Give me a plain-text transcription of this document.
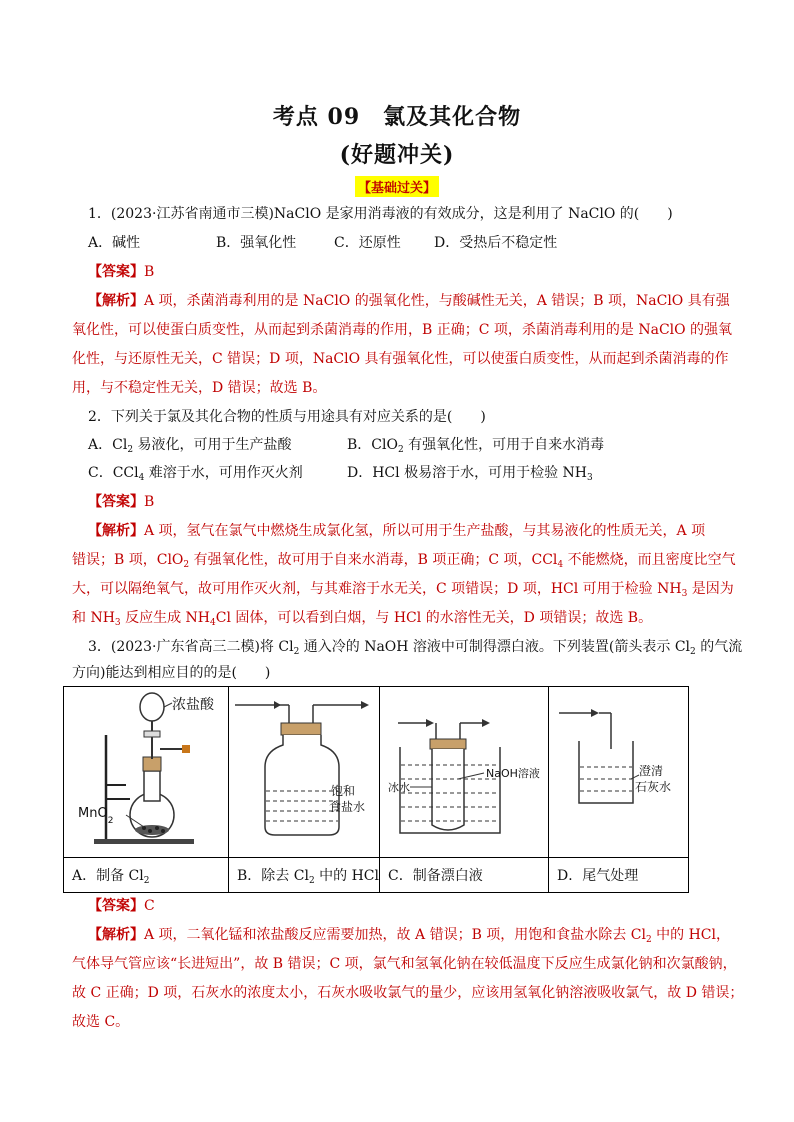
考点 09　氯及其化合物
(好题冲关)
【基础过关】
1．(2023·江苏省南通市三模)NaClO 是家用消毒液的有效成分，这是利用了 NaClO 的(　　)
A．碱性	B．强氧化性	C．还原性 D．受热后不稳定性
【答案】B
【解析】A 项，杀菌消毒利用的是 NaClO 的强氧化性，与酸碱性无关，A 错误；B 项，NaClO 具有强
氧化性，可以使蛋白质变性，从而起到杀菌消毒的作用，B 正确；C 项，杀菌消毒利用的是 NaClO 的强氧
化性，与还原性无关，C 错误；D 项，NaClO 具有强氧化性，可以使蛋白质变性，从而起到杀菌消毒的作
用，与不稳定性无关，D 错误；故选 B。
2．下列关于氯及其化合物的性质与用途具有对应关系的是(　　)
A．$Cl_2$ 易液化，可用于生产盐酸	B．ClO$_2$ 有强氧化性，可用于自来水消毒
C．CCl$_4$ 难溶于水，可用作灭火剂	D．HCl 极易溶于水，可用于检验 $NH_3$
【答案】B
【解析】A 项，氢气在氯气中燃烧生成氯化氢，所以可用于生产盐酸，与其易液化的性质无关，A 项
错误；B 项，ClO$_2$ 有强氧化性，故可用于自来水消毒，B 项正确；C 项，CCl$_4$ 不能燃烧，而且密度比空气
大，可以隔绝氧气，故可用作灭火剂，与其难溶于水无关，C 项错误；D 项，HCl 可用于检验 $NH_3$ 是因为
和 $NH_3$ 反应生成 $NH_4Cl$ 固体，可以看到白烟，与 HCl 的水溶性无关，D 项错误；故选 B。
3．(2023·广东省高三二模)将 $Cl_2$ 通入冷的 NaOH 溶液中可制得漂白液。下列装置(箭头表示 $Cl_2$ 的气流
方向)能达到相应目的的是(　　)
浓盐酸
MnO$_2$	饱和
食盐水	NaOH溶液
冰水	澄清
石灰水

A．制备 $Cl_2$	B．除去 $Cl_2$ 中的 HCl	C．制备漂白液	D．尾气处理
【答案】C
【解析】A 项，二氧化锰和浓盐酸反应需要加热，故 A 错误；B 项，用饱和食盐水除去 $Cl_2$ 中的 HCl，
气体导气管应该“长进短出”，故 B 错误；C 项，氯气和氢氧化钠在较低温度下反应生成氯化钠和次氯酸钠，
故 C 正确；D 项，石灰水的浓度太小，石灰水吸收氯气的量少，应该用氢氧化钠溶液吸收氯气，故 D 错误；
故选 C。
